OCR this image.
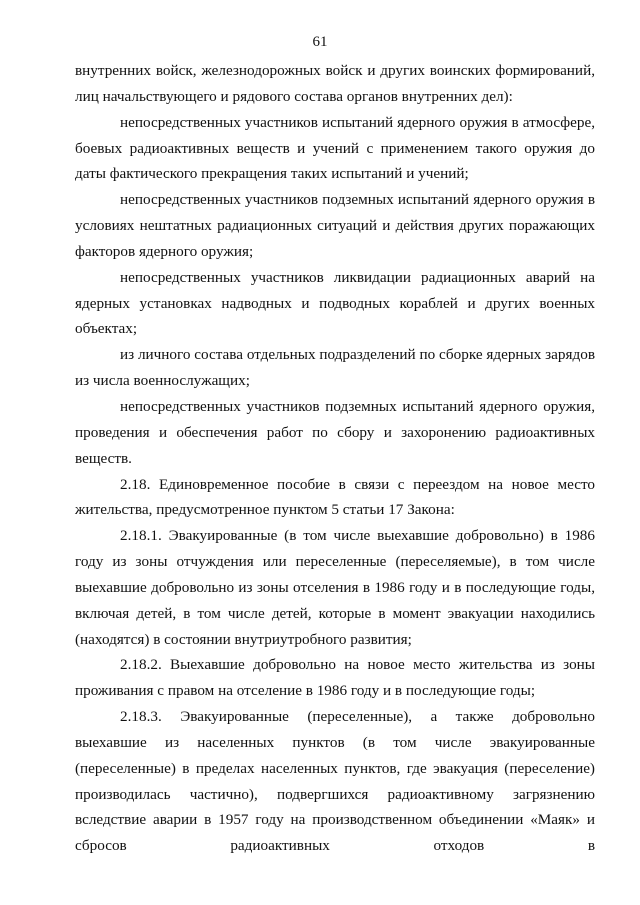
61

внутренних войск, железнодорожных войск и других воинских формирований, лиц начальствующего и рядового состава органов внутренних дел):

непосредственных участников испытаний ядерного оружия в атмосфере, боевых радиоактивных веществ и учений с применением такого оружия до даты фактического прекращения таких испытаний и учений;

непосредственных участников подземных испытаний ядерного оружия в условиях нештатных радиационных ситуаций и действия других поражающих факторов ядерного оружия;

непосредственных участников ликвидации радиационных аварий на ядерных установках надводных и подводных кораблей и других военных объектах;

из личного состава отдельных подразделений по сборке ядерных зарядов из числа военнослужащих;

непосредственных участников подземных испытаний ядерного оружия, проведения и обеспечения работ по сбору и захоронению радиоактивных веществ.

2.18. Единовременное пособие в связи с переездом на новое место жительства, предусмотренное пунктом 5 статьи 17 Закона:

2.18.1. Эвакуированные (в том числе выехавшие добровольно) в 1986 году из зоны отчуждения или переселенные (переселяемые), в том числе выехавшие добровольно из зоны отселения в 1986 году и в последующие годы, включая детей, в том числе детей, которые в момент эвакуации находились (находятся) в состоянии внутриутробного развития;

2.18.2. Выехавшие добровольно на новое место жительства из зоны проживания с правом на отселение в 1986 году и в последующие годы;

2.18.3. Эвакуированные (переселенные), а также добровольно выехавшие из населенных пунктов (в том числе эвакуированные (переселенные) в пределах населенных пунктов, где эвакуация (переселение) производилась частично), подвергшихся радиоактивному загрязнению вследствие аварии в 1957 году на производственном объединении «Маяк» и сбросов радиоактивных отходов в
